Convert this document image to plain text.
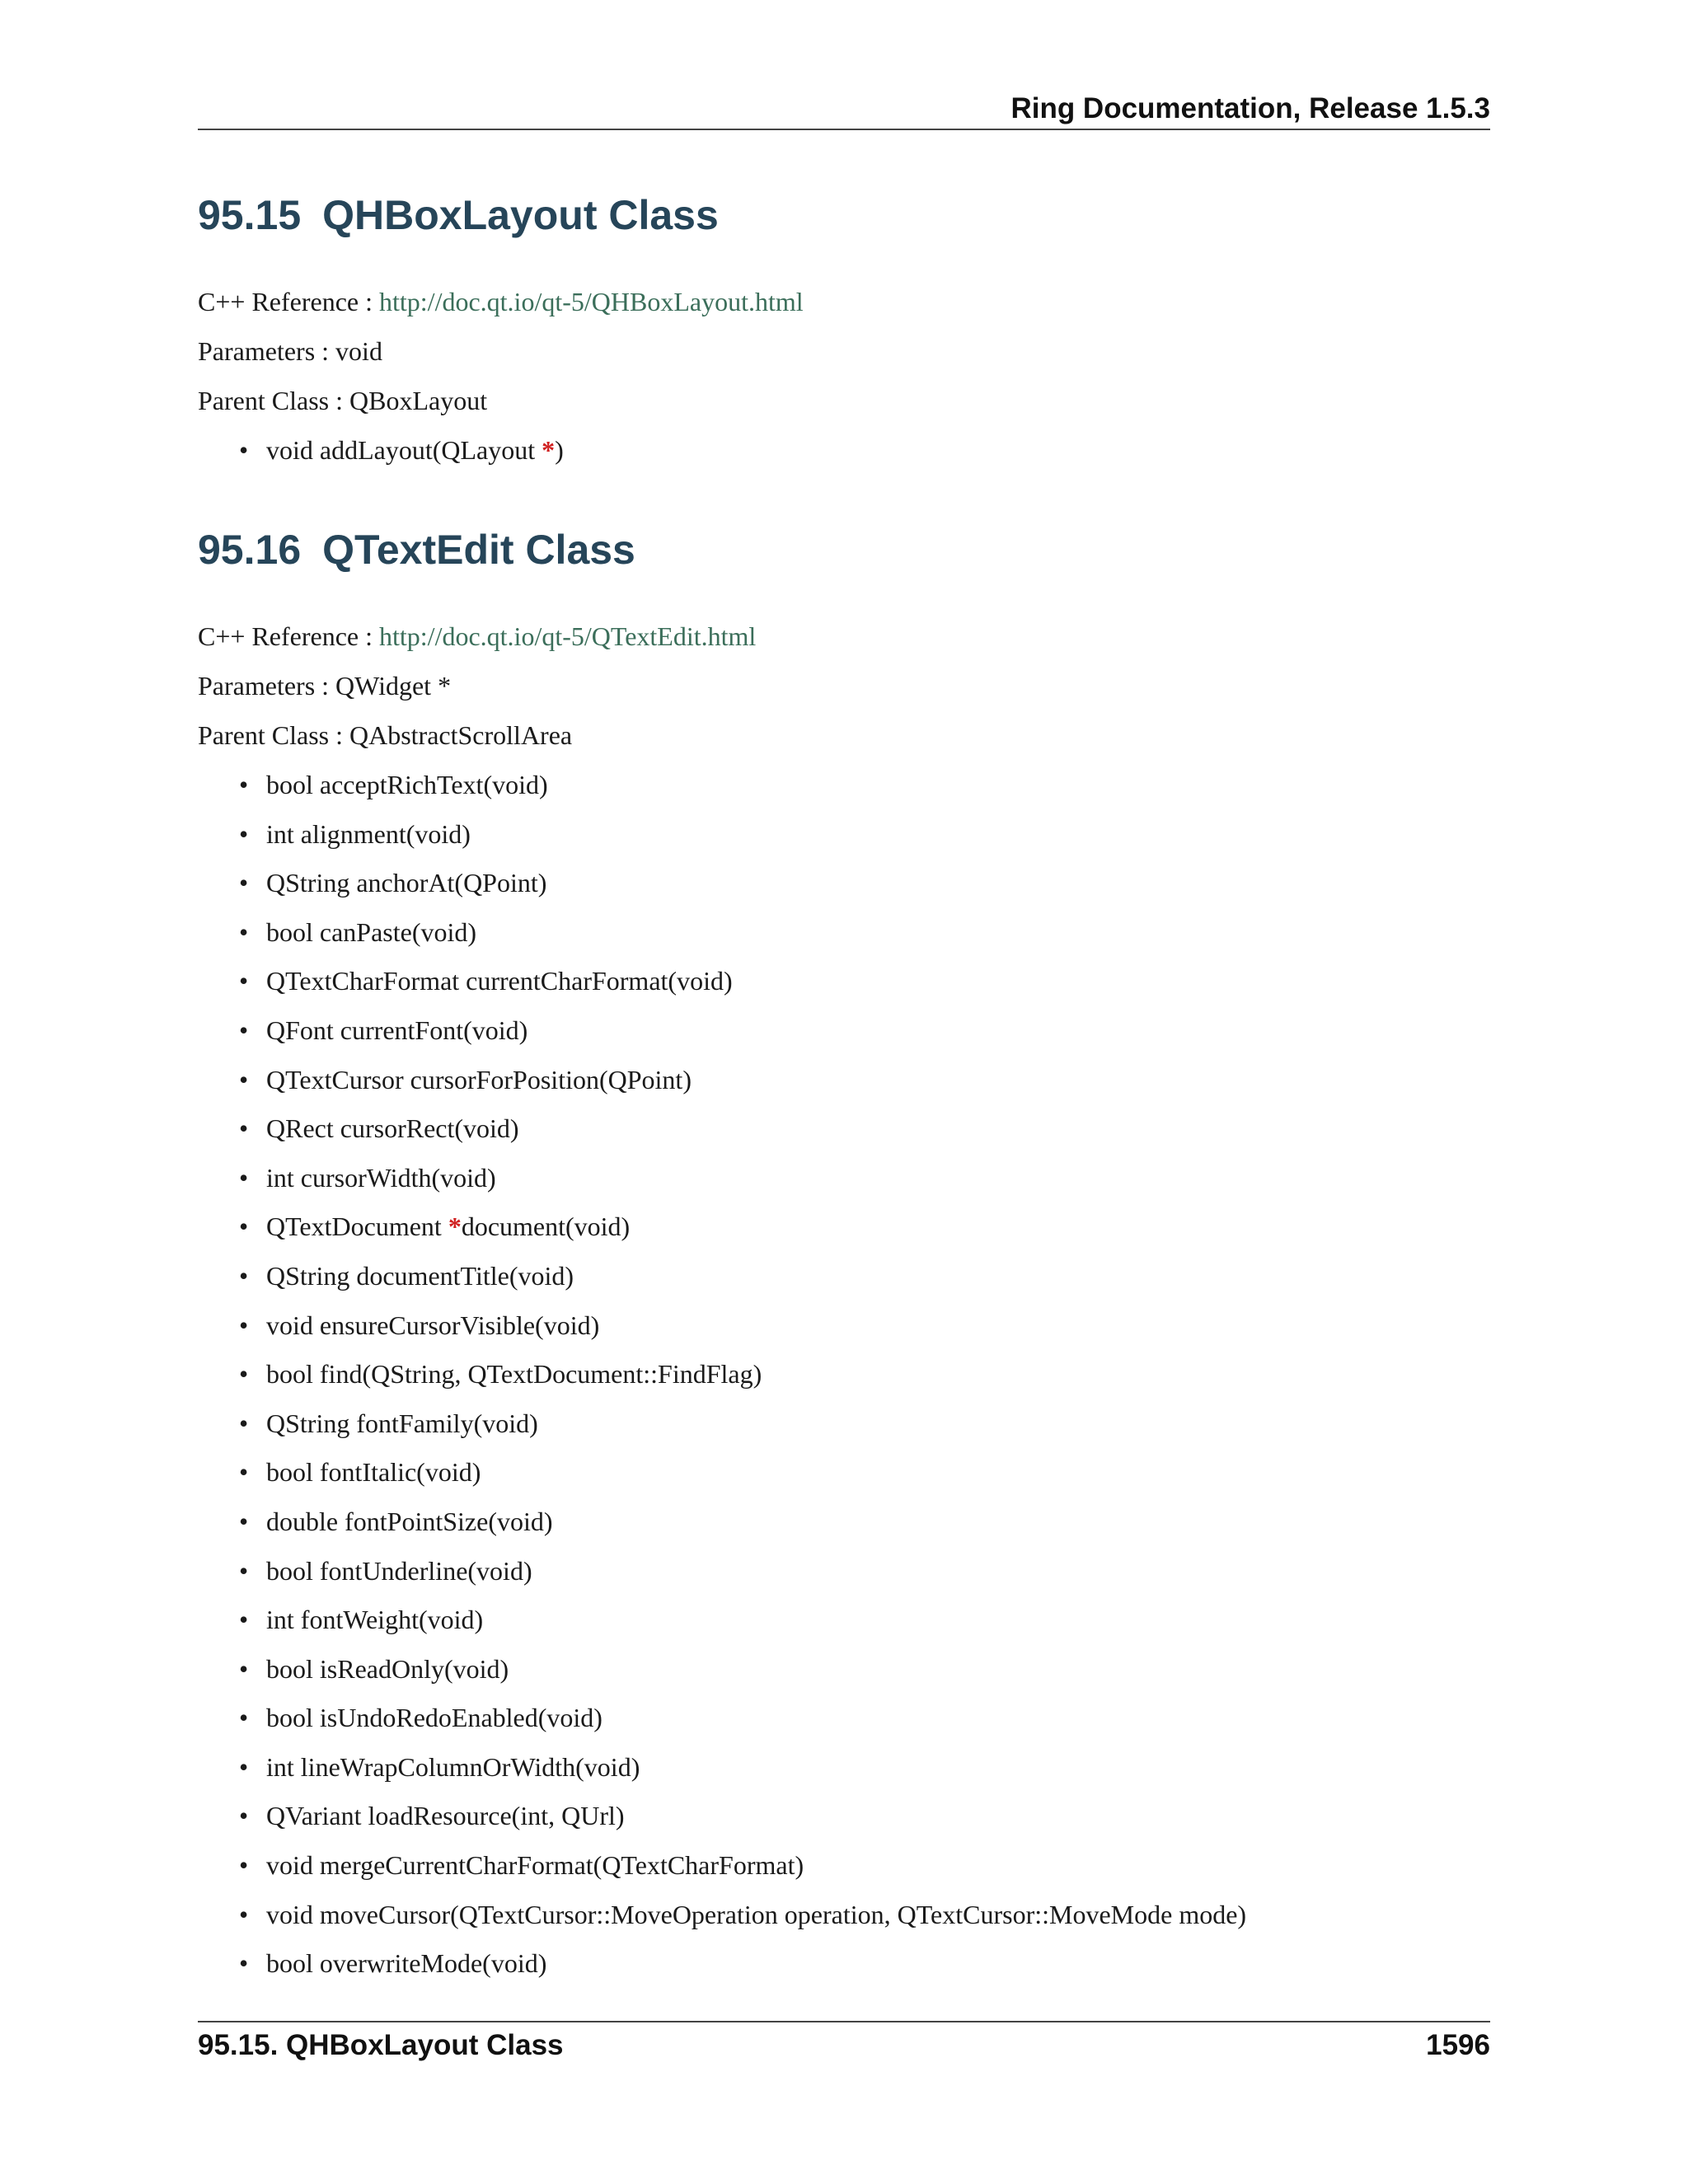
Ring Documentation, Release 1.5.3
95.15 QHBoxLayout Class
C++ Reference : http://doc.qt.io/qt-5/QHBoxLayout.html
Parameters : void
Parent Class : QBoxLayout
• void addLayout(QLayout *)
95.16 QTextEdit Class
C++ Reference : http://doc.qt.io/qt-5/QTextEdit.html
Parameters : QWidget *
Parent Class : QAbstractScrollArea
• bool acceptRichText(void)
• int alignment(void)
• QString anchorAt(QPoint)
• bool canPaste(void)
• QTextCharFormat currentCharFormat(void)
• QFont currentFont(void)
• QTextCursor cursorForPosition(QPoint)
• QRect cursorRect(void)
• int cursorWidth(void)
• QTextDocument *document(void)
• QString documentTitle(void)
• void ensureCursorVisible(void)
• bool find(QString, QTextDocument::FindFlag)
• QString fontFamily(void)
• bool fontItalic(void)
• double fontPointSize(void)
• bool fontUnderline(void)
• int fontWeight(void)
• bool isReadOnly(void)
• bool isUndoRedoEnabled(void)
• int lineWrapColumnOrWidth(void)
• QVariant loadResource(int, QUrl)
• void mergeCurrentCharFormat(QTextCharFormat)
• void moveCursor(QTextCursor::MoveOperation operation, QTextCursor::MoveMode mode)
• bool overwriteMode(void)
95.15. QHBoxLayout Class	1596
